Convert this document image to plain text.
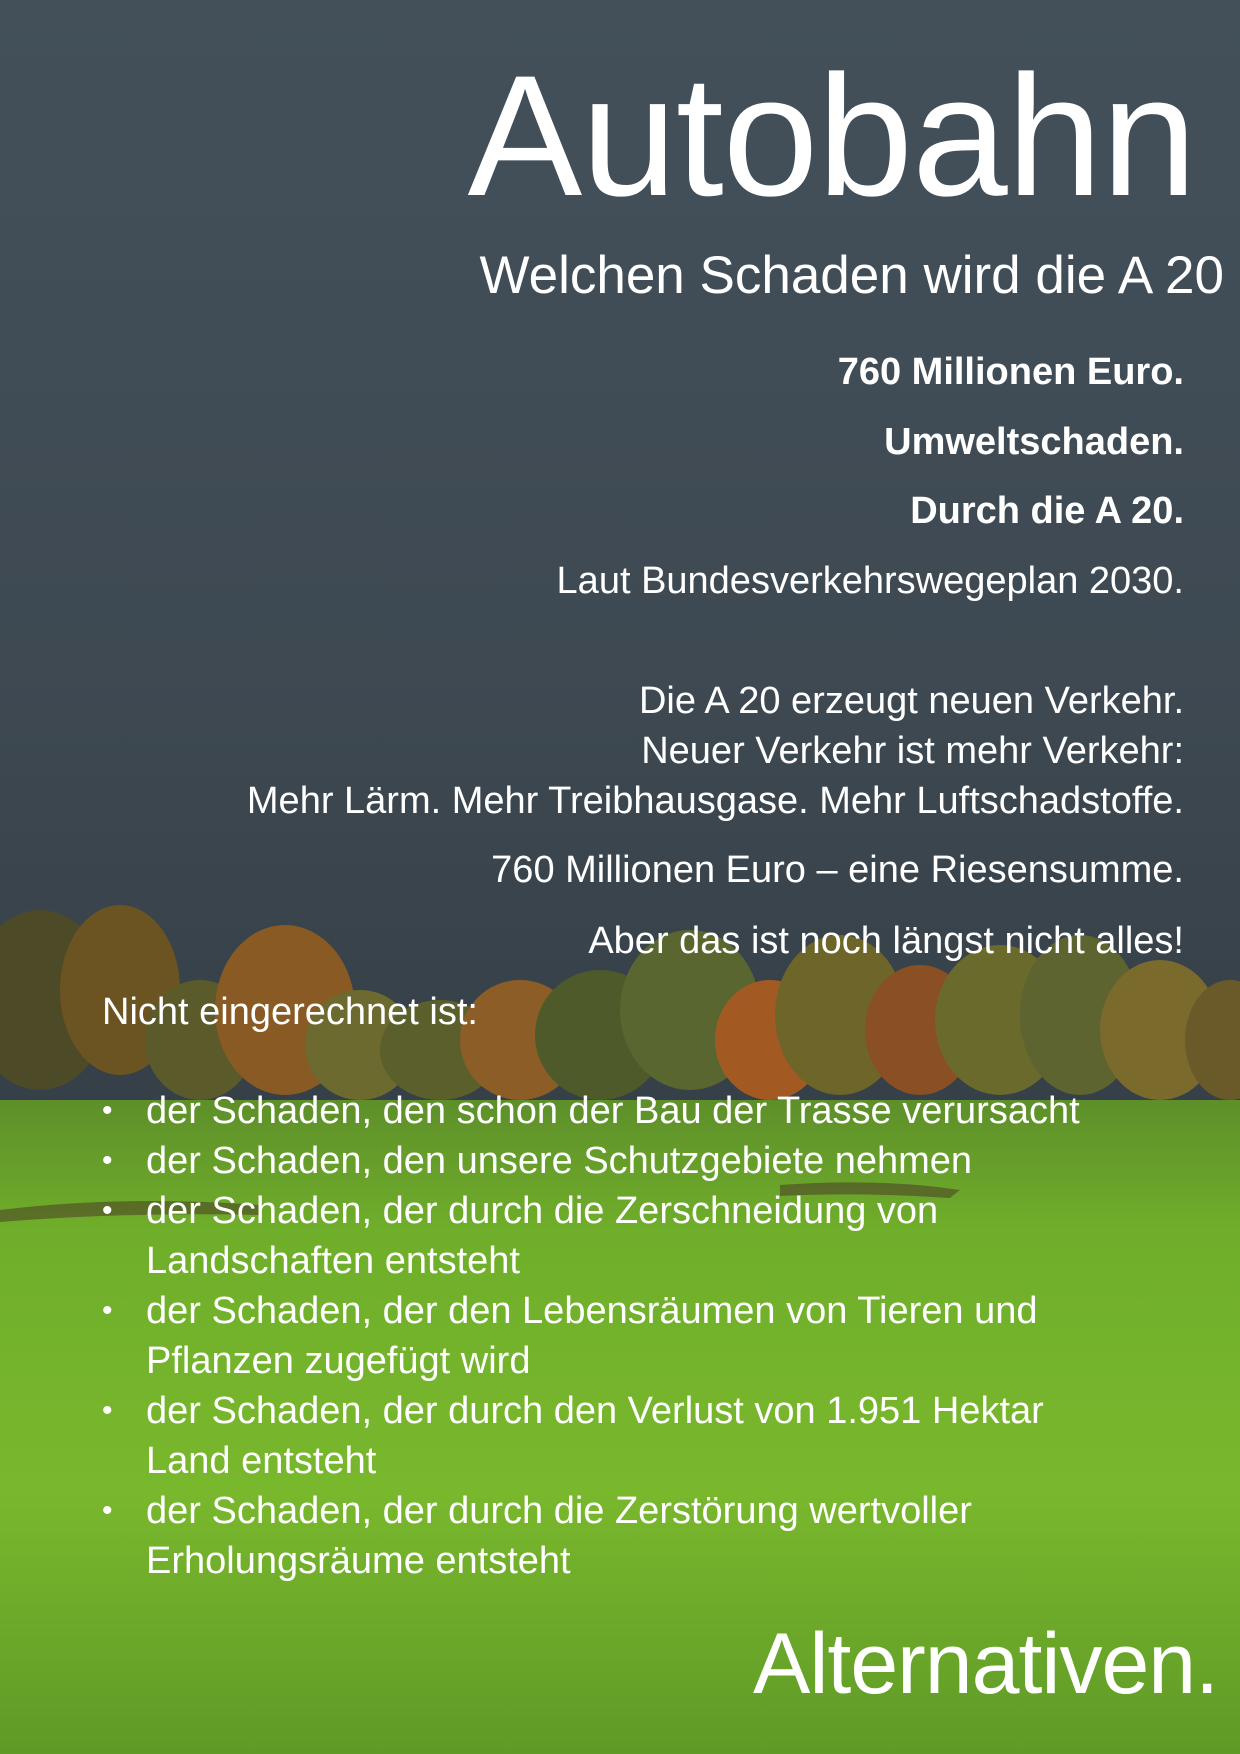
Autobahn
Welchen Schaden wird die A 20
760 Millionen Euro.
Umweltschaden.
Durch die A 20.
Laut Bundesverkehrswegeplan 2030.
Die A 20 erzeugt neuen Verkehr.
Neuer Verkehr ist mehr Verkehr:
Mehr Lärm. Mehr Treibhausgase. Mehr Luftschadstoffe.
760 Millionen Euro – eine Riesensumme.
Aber das ist noch längst nicht alles!
Nicht eingerechnet ist:
• der Schaden, den schon der Bau der Trasse verursacht
• der Schaden, den unsere Schutzgebiete nehmen
• der Schaden, der durch die Zerschneidung von
Landschaften entsteht
• der Schaden, der den Lebensräumen von Tieren und
Pflanzen zugefügt wird
• der Schaden, der durch den Verlust von 1.951 Hektar
Land entsteht
• der Schaden, der durch die Zerstörung wertvoller
Erholungsräume entsteht
Alternativen.
